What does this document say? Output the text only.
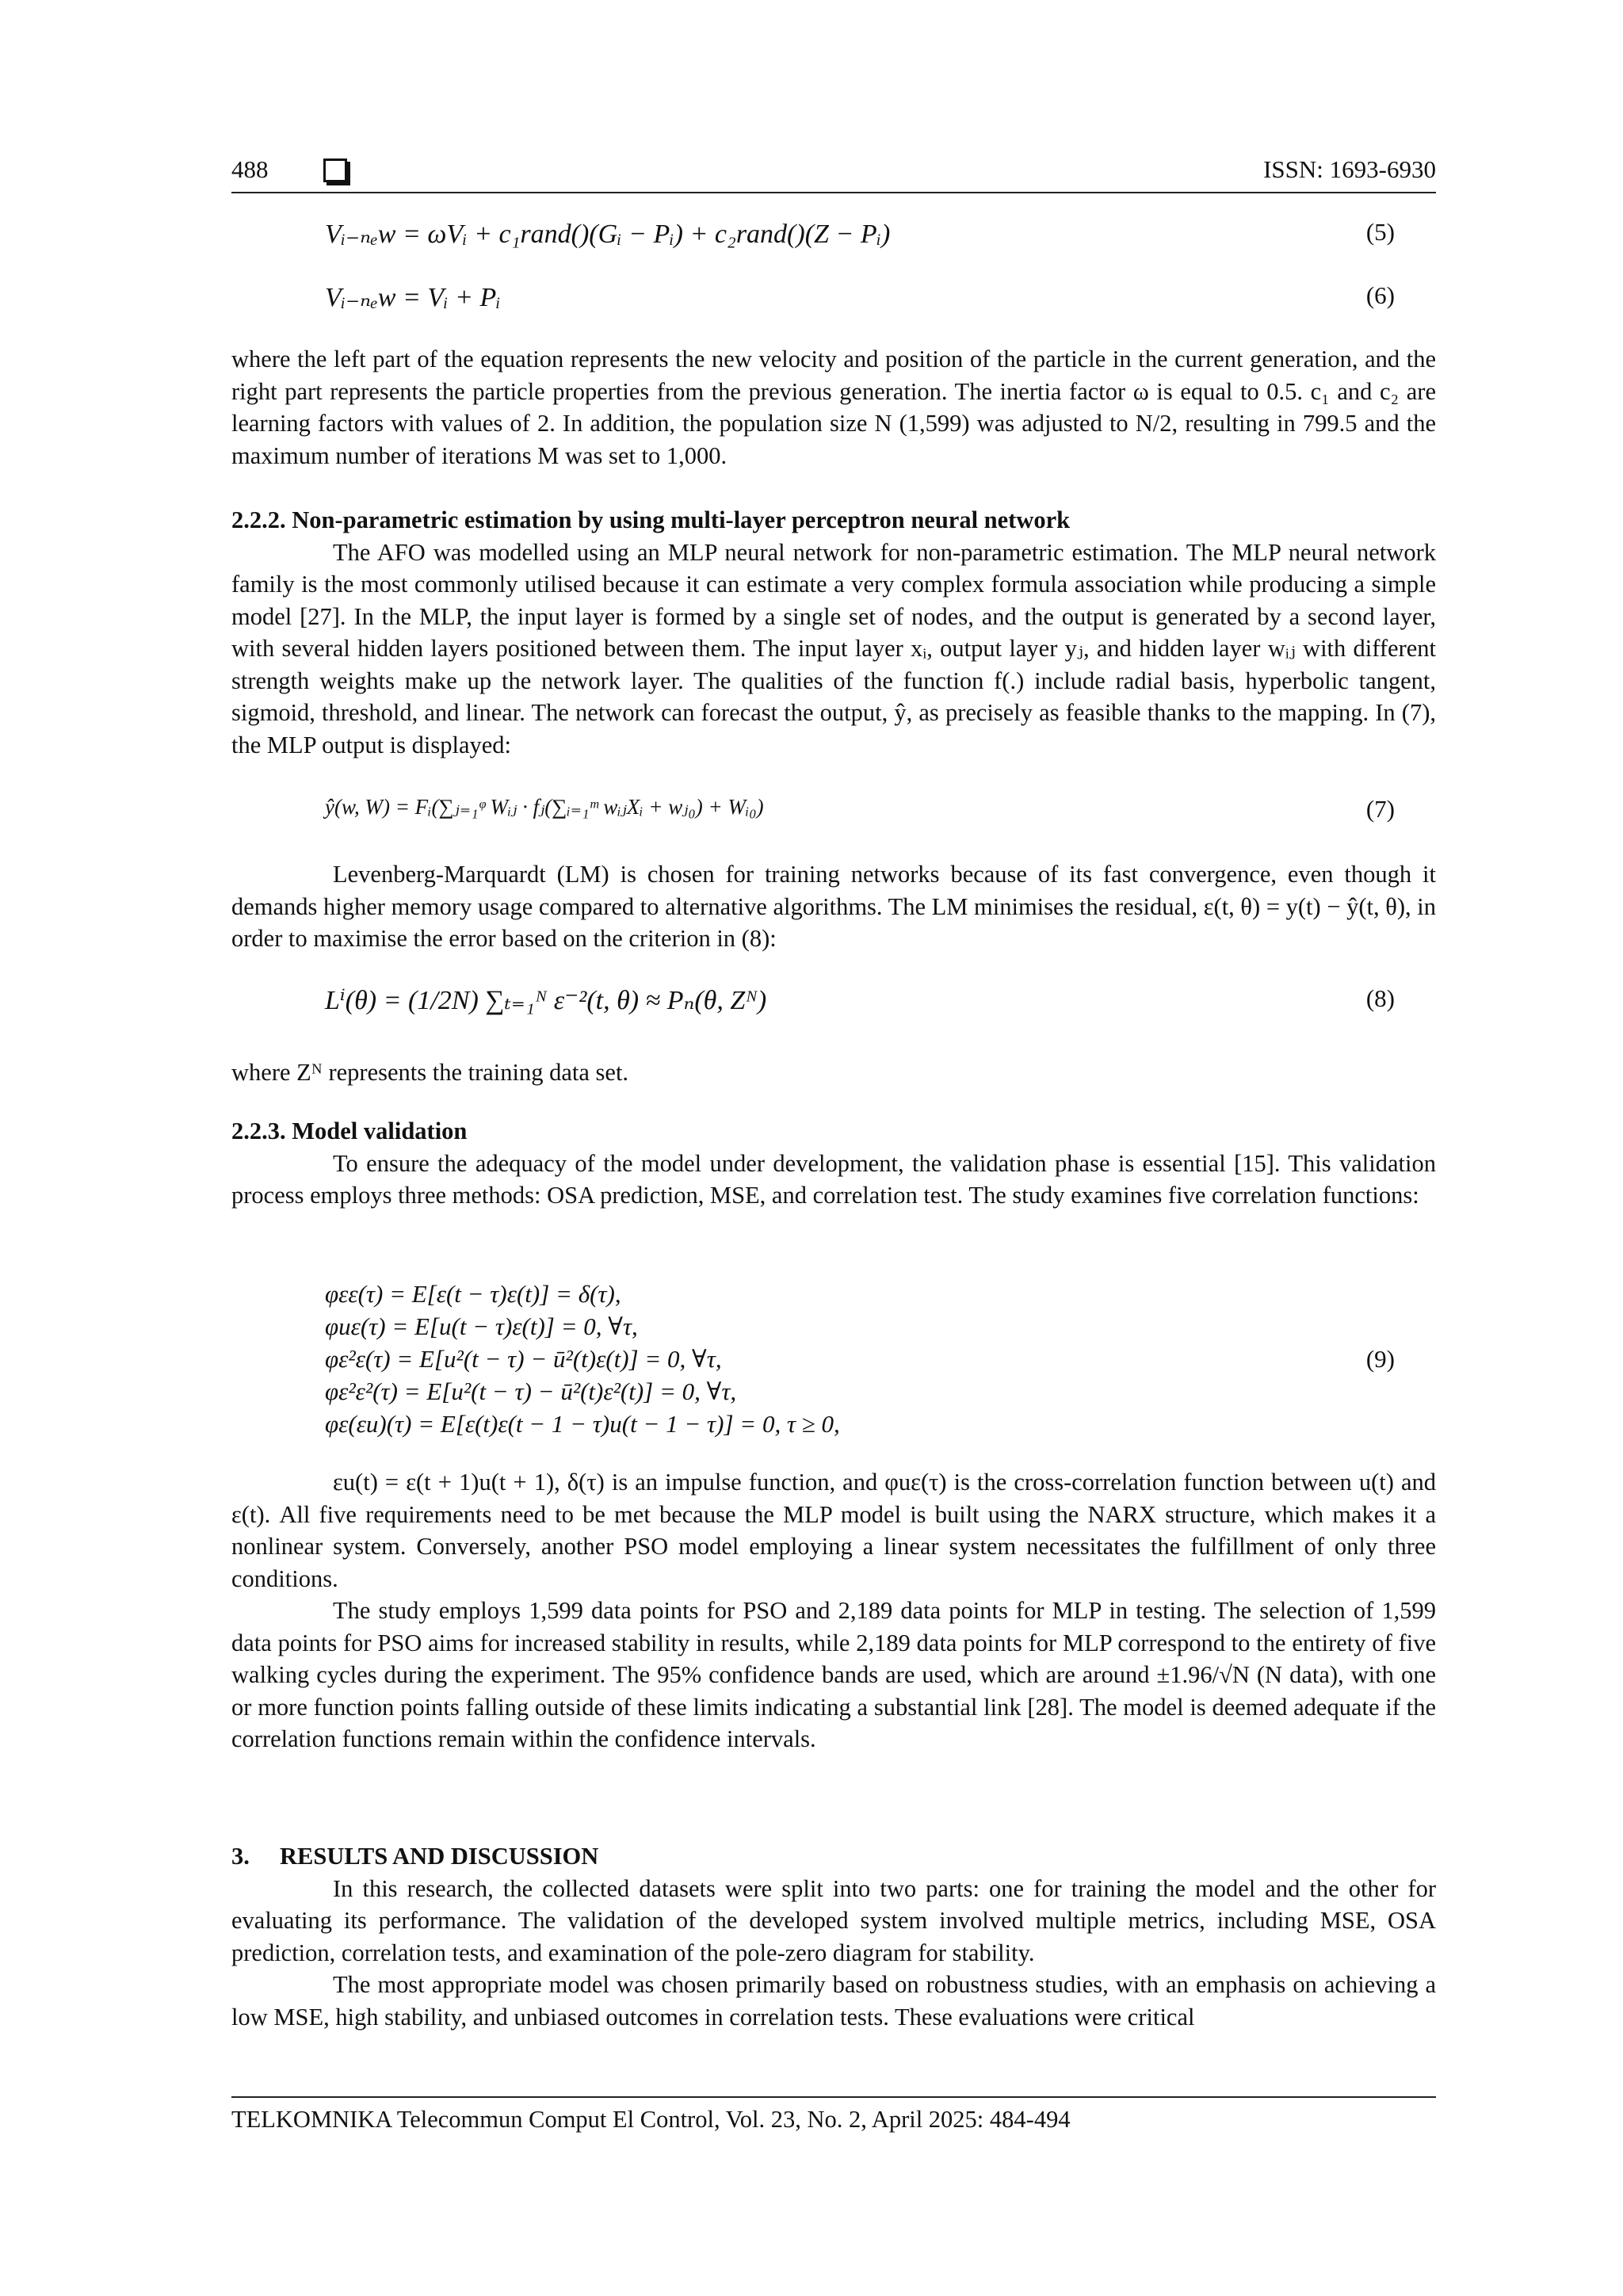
488	ISSN: 1693-6930
Vᵢ₋ₙₑw = ωVᵢ + c₁rand()(Gᵢ − Pᵢ) + c₂rand()(Z − Pᵢ)	(5)
Vᵢ₋ₙₑw = Vᵢ + Pᵢ	(6)

where the left part of the equation represents the new velocity and position of the particle in the current generation, and the right part represents the particle properties from the previous generation. The inertia factor ω is equal to 0.5. c₁ and c₂ are learning factors with values of 2. In addition, the population size N (1,599) was adjusted to N/2, resulting in 799.5 and the maximum number of iterations M was set to 1,000.

2.2.2. Non-parametric estimation by using multi-layer perceptron neural network

The AFO was modelled using an MLP neural network for non-parametric estimation. The MLP neural network family is the most commonly utilised because it can estimate a very complex formula association while producing a simple model [27]. In the MLP, the input layer is formed by a single set of nodes, and the output is generated by a second layer, with several hidden layers positioned between them. The input layer xᵢ, output layer yⱼ, and hidden layer wᵢⱼ with different strength weights make up the network layer. The qualities of the function f(.) include radial basis, hyperbolic tangent, sigmoid, threshold, and linear. The network can forecast the output, ŷ, as precisely as feasible thanks to the mapping. In (7), the MLP output is displayed:

ŷ(w, W) = Fᵢ(∑ⱼ₌₁ᵠ Wᵢⱼ · fⱼ(∑ᵢ₌₁ᵐ wᵢⱼXᵢ + wⱼ₀) + Wᵢ₀)	(7)

Levenberg-Marquardt (LM) is chosen for training networks because of its fast convergence, even though it demands higher memory usage compared to alternative algorithms. The LM minimises the residual, ε(t, θ) = y(t) − ŷ(t, θ), in order to maximise the error based on the criterion in (8):

Lⁱ(θ) = (1/2N) ∑ₜ₌₁ᴺ ε⁻²(t, θ) ≈ Pₙ(θ, Zᴺ)	(8)

where Zᴺ represents the training data set.

2.2.3. Model validation

To ensure the adequacy of the model under development, the validation phase is essential [15]. This validation process employs three methods: OSA prediction, MSE, and correlation test. The study examines five correlation functions:

φεε(τ) = E[ε(t − τ)ε(t)] = δ(τ),
φuε(τ) = E[u(t − τ)ε(t)] = 0, ∀τ,
φε²ε(τ) = E[u²(t − τ) − ū²(t)ε(t)] = 0, ∀τ,
φε²ε²(τ) = E[u²(t − τ) − ū²(t)ε²(t)] = 0, ∀τ,
φε(εu)(τ) = E[ε(t)ε(t − 1 − τ)u(t − 1 − τ)] = 0, τ ≥ 0,
(9)

εu(t) = ε(t + 1)u(t + 1), δ(τ) is an impulse function, and φuε(τ) is the cross-correlation function between u(t) and ε(t). All five requirements need to be met because the MLP model is built using the NARX structure, which makes it a nonlinear system. Conversely, another PSO model employing a linear system necessitates the fulfillment of only three conditions.

The study employs 1,599 data points for PSO and 2,189 data points for MLP in testing. The selection of 1,599 data points for PSO aims for increased stability in results, while 2,189 data points for MLP correspond to the entirety of five walking cycles during the experiment. The 95% confidence bands are used, which are around ±1.96/√N (N data), with one or more function points falling outside of these limits indicating a substantial link [28]. The model is deemed adequate if the correlation functions remain within the confidence intervals.

3.     RESULTS AND DISCUSSION

In this research, the collected datasets were split into two parts: one for training the model and the other for evaluating its performance. The validation of the developed system involved multiple metrics, including MSE, OSA prediction, correlation tests, and examination of the pole-zero diagram for stability.

The most appropriate model was chosen primarily based on robustness studies, with an emphasis on achieving a low MSE, high stability, and unbiased outcomes in correlation tests. These evaluations were critical

TELKOMNIKA Telecommun Comput El Control, Vol. 23, No. 2, April 2025: 484-494
